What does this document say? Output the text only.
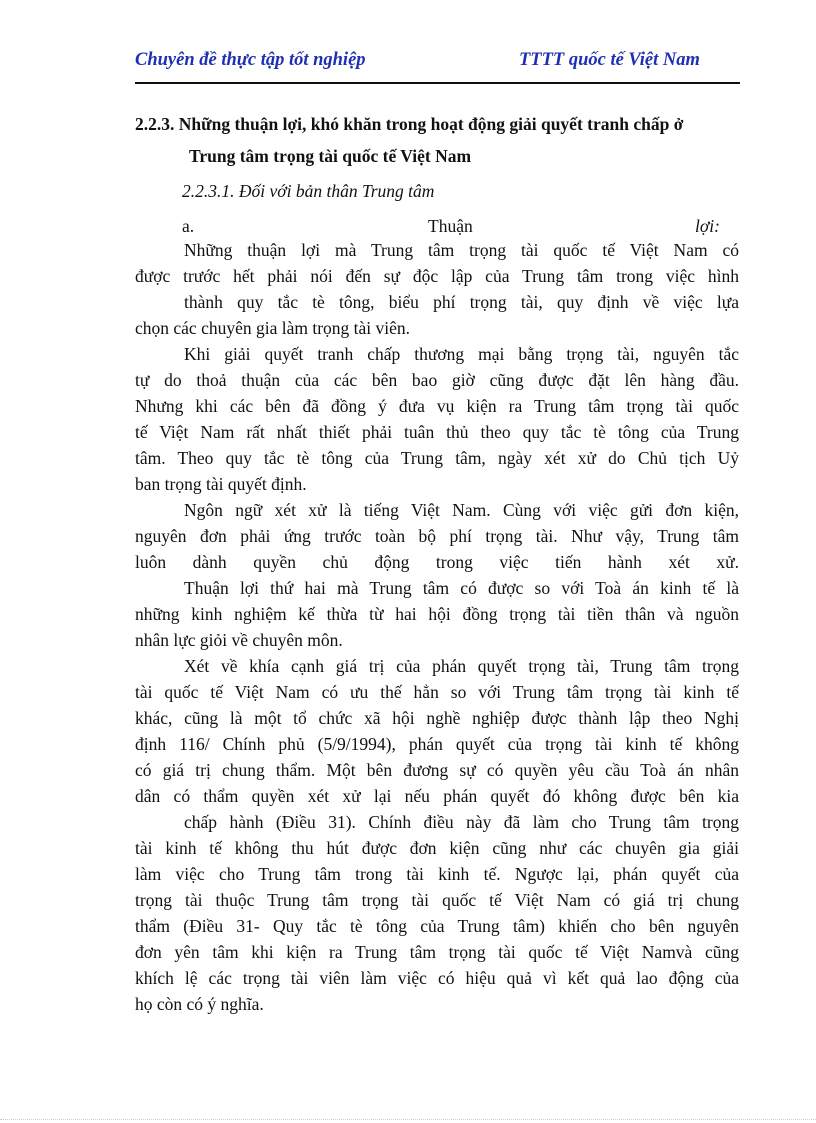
Chuyên đề thực tập tốt nghiệp	TTTT quốc tế Việt Nam
2.2.3. Những thuận lợi, khó khăn trong hoạt động giải quyết tranh chấp ở
Trung tâm trọng tài quốc tế Việt Nam
2.2.3.1. Đối với bản thân Trung tâm
a.	Thuận	lợi:
Những thuận lợi mà Trung tâm trọng tài quốc tế Việt Nam có
được trước hết phải nói đến sự độc lập của Trung tâm trong việc hình
thành quy tắc tè tông, biểu phí trọng tài, quy định về việc lựa
chọn các chuyên gia làm trọng tài viên.
Khi giải quyết tranh chấp thương mại bằng trọng tài, nguyên tắc
tự do thoả thuận của các bên bao giờ cũng được đặt lên hàng đầu.
Nhưng khi các bên đã đồng ý đưa vụ kiện ra Trung tâm trọng tài quốc
tế Việt Nam rất nhất thiết phải tuân thủ theo quy tắc tè tông của Trung
tâm. Theo quy tắc tè tông của Trung tâm, ngày xét xử do Chủ tịch Uỷ
ban trọng tài quyết định.
Ngôn ngữ xét xử là tiếng Việt Nam. Cùng với việc gửi đơn kiện,
nguyên đơn phải ứng trước toàn bộ phí trọng tài. Như vậy, Trung tâm
luôn dành quyền chủ động trong việc tiến hành xét xử.
Thuận lợi thứ hai mà Trung tâm có được so với Toà án kinh tế là
những kinh nghiệm kế thừa từ hai hội đồng trọng tài tiền thân và nguồn
nhân lực giỏi về chuyên môn.
Xét về khía cạnh giá trị của phán quyết trọng tài, Trung tâm trọng
tài quốc tế Việt Nam có ưu thế hẳn so với Trung tâm trọng tài kinh tế
khác, cũng là một tổ chức xã hội nghề nghiệp được thành lập theo Nghị
định 116/ Chính phủ (5/9/1994), phán quyết của trọng tài kinh tế không
có giá trị chung thẩm. Một bên đương sự có quyền yêu cầu Toà án nhân
dân có thẩm quyền xét xử lại nếu phán quyết đó không được bên kia
chấp hành (Điều 31). Chính điều này đã làm cho Trung tâm trọng
tài kinh tế không thu hút được đơn kiện cũng như các chuyên gia giải
làm việc cho Trung tâm trong tài kinh tế. Ngược lại, phán quyết của
trọng tài thuộc Trung tâm trọng tài quốc tế Việt Nam có giá trị chung
thẩm (Điều 31- Quy tắc tè tông của Trung tâm) khiến cho bên nguyên
đơn yên tâm khi kiện ra Trung tâm trọng tài quốc tế Việt Namvà cũng
khích lệ các trọng tài viên làm việc có hiệu quả vì kết quả lao động của
họ còn có ý nghĩa.
